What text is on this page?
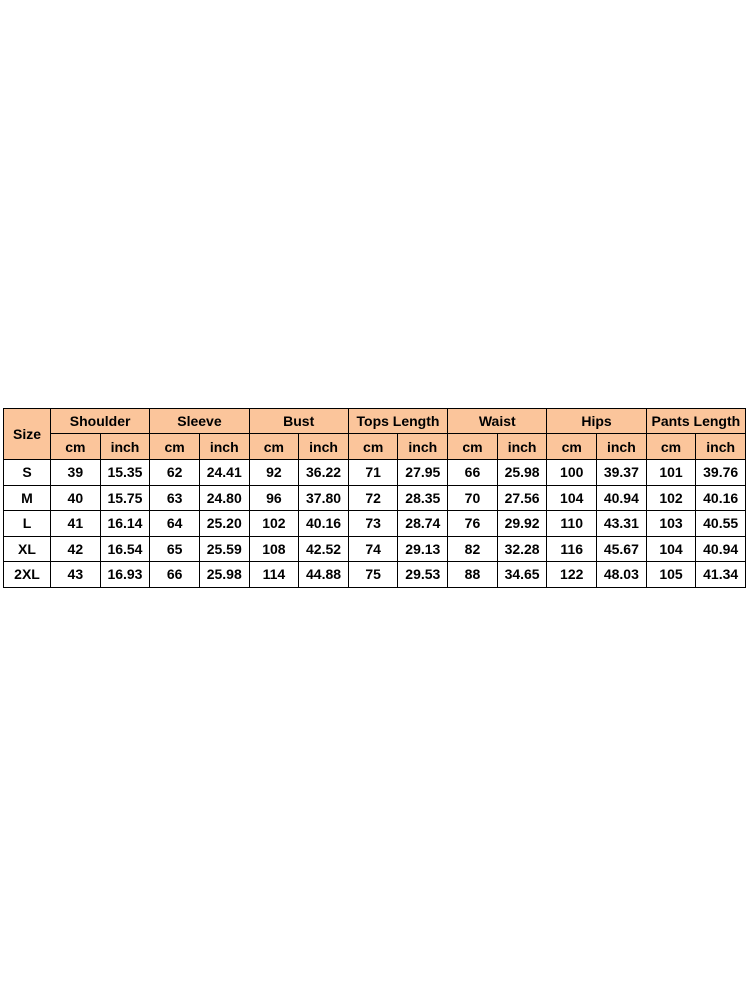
Size	Shoulder		Sleeve		Bust		Tops Length		Waist		Hips		Pants Length	
	cm	inch	cm	inch	cm	inch	cm	inch	cm	inch	cm	inch	cm	inch
S	39	15.35	62	24.41	92	36.22	71	27.95	66	25.98	100	39.37	101	39.76
M	40	15.75	63	24.80	96	37.80	72	28.35	70	27.56	104	40.94	102	40.16
L	41	16.14	64	25.20	102	40.16	73	28.74	76	29.92	110	43.31	103	40.55
XL	42	16.54	65	25.59	108	42.52	74	29.13	82	32.28	116	45.67	104	40.94
2XL	43	16.93	66	25.98	114	44.88	75	29.53	88	34.65	122	48.03	105	41.34
